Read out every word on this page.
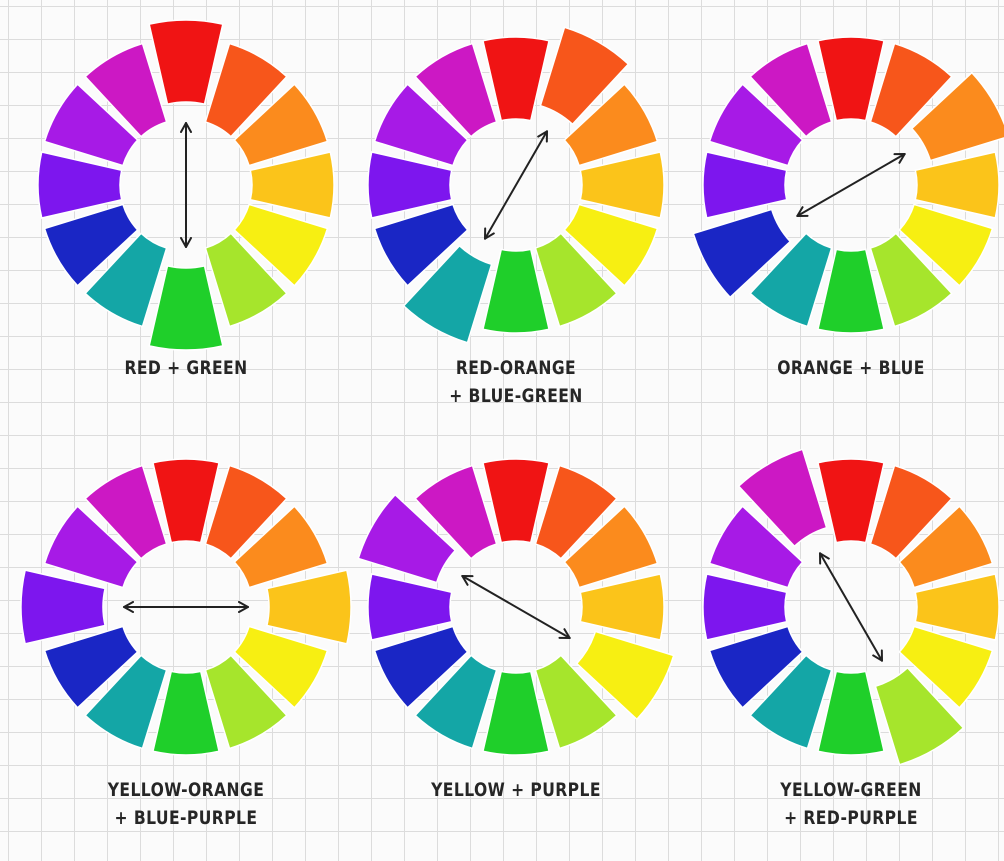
RED + GREEN	RED-ORANGE
+ BLUE-GREEN
ORANGE + BLUE
YELLOW-ORANGE
+ BLUE-PURPLE
YELLOW + PURPLE	YELLOW-GREEN
+ RED-PURPLE
